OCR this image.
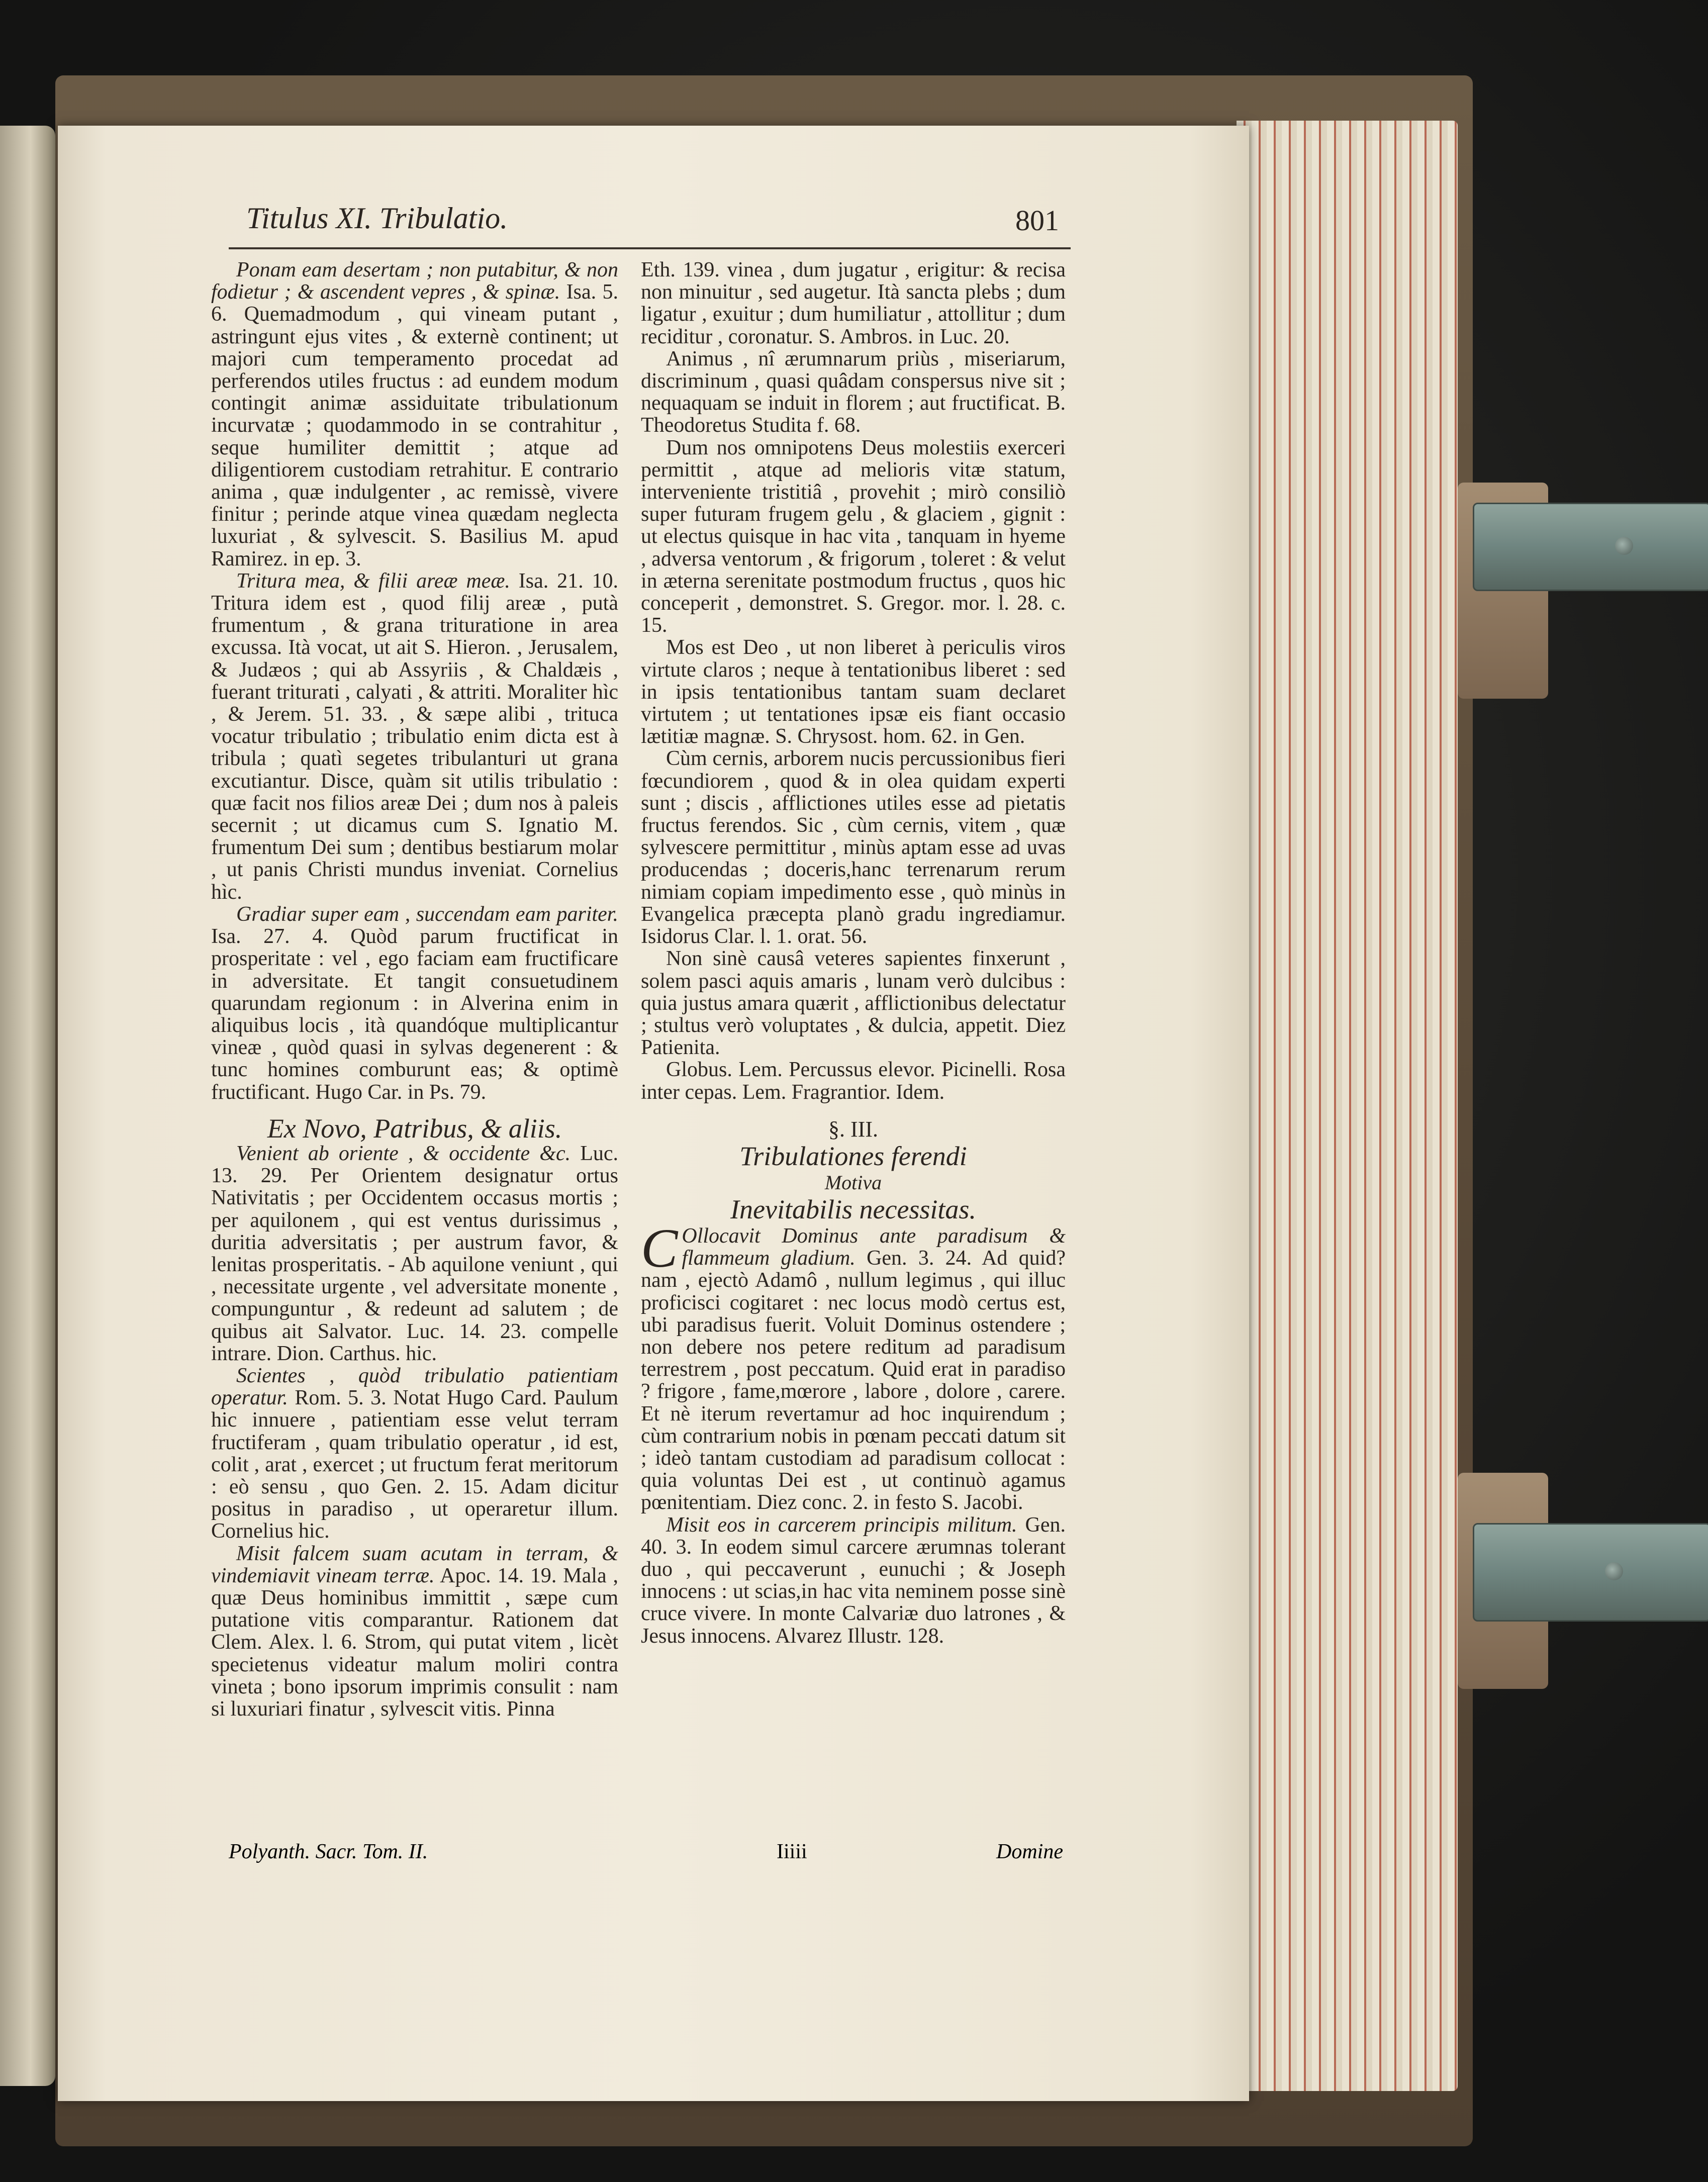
Titulus XI. Tribulatio.	801

Ponam eam desertam ; non putabitur, & non fodietur ; & ascendent vepres , & spinæ. Isa. 5. 6. Quemadmodum , qui vineam putant , astringunt ejus vites , & externè continent; ut majori cum temperamento procedat ad perferendos utiles fructus : ad eundem modum contingit animæ assiduitate tribulationum incurvatæ ; quodammodo in se contrahitur , seque humiliter demittit ; atque ad diligentiorem custodiam retrahitur. E contrario anima , quæ indulgenter , ac remissè, vivere finitur ; perinde atque vinea quædam neglecta luxuriat , & sylvescit. S. Basilius M. apud Ramirez. in ep. 3.

Tritura mea, & filii areæ meæ. Isa. 21. 10. Tritura idem est , quod filij areæ , putà frumentum , & grana trituratione in area excussa. Ità vocat, ut ait S. Hieron. , Jerusalem, & Judæos ; qui ab Assyriis , & Chaldæis , fuerant triturati , calyati , & attriti. Moraliter hìc , & Jerem. 51. 33. , & sæpe alibi , trituca vocatur tribulatio ; tribulatio enim dicta est à tribula ; quatì segetes tribulanturi ut grana excutiantur. Disce, quàm sit utilis tribulatio : quæ facit nos filios areæ Dei ; dum nos à paleis secernit ; ut dicamus cum S. Ignatio M. frumentum Dei sum ; dentibus bestiarum molar , ut panis Christi mundus inveniat. Cornelius hìc.

Gradiar super eam , succendam eam pariter. Isa. 27. 4. Quòd parum fructificat in prosperitate : vel , ego faciam eam fructificare in adversitate. Et tangit consuetudinem quarundam regionum : in Alverina enim in aliquibus locis , ità quandóque multiplicantur vineæ , quòd quasi in sylvas degenerent : & tunc homines comburunt eas; & optimè fructificant. Hugo Car. in Ps. 79.

Ex Novo, Patribus, & aliis.

Venient ab oriente , & occidente &c. Luc. 13. 29. Per Orientem designatur ortus Nativitatis ; per Occidentem occasus mortis ; per aquilonem , qui est ventus durissimus , duritia adversitatis ; per austrum favor, & lenitas prosperitatis. - Ab aquilone veniunt , qui , necessitate urgente , vel adversitate monente , compunguntur , & redeunt ad salutem ; de quibus ait Salvator. Luc. 14. 23. compelle intrare. Dion. Carthus. hic.

Scientes , quòd tribulatio patientiam operatur. Rom. 5. 3. Notat Hugo Card. Paulum hic innuere , patientiam esse velut terram fructiferam , quam tribulatio operatur , id est, colit , arat , exercet ; ut fructum ferat meritorum : eò sensu , quo Gen. 2. 15. Adam dicitur positus in paradiso , ut operaretur illum. Cornelius hic.

Misit falcem suam acutam in terram, & vindemiavit vineam terræ. Apoc. 14. 19. Mala , quæ Deus hominibus immittit , sæpe cum putatione vitis comparantur. Rationem dat Clem. Alex. l. 6. Strom, qui putat vitem , licèt specietenus videatur malum moliri contra vineta ; bono ipsorum imprimis consulit : nam si luxuriari finatur , sylvescit vitis. Pinna

Eth. 139. vinea , dum jugatur , erigitur: & recisa non minuitur , sed augetur. Ità sancta plebs ; dum ligatur , exuitur ; dum humiliatur , attollitur ; dum reciditur , coronatur. S. Ambros. in Luc. 20.

Animus , nî ærumnarum priùs , miseriarum, discriminum , quasi quâdam conspersus nive sit ; nequaquam se induit in florem ; aut fructificat. B. Theodoretus Studita f. 68.

Dum nos omnipotens Deus molestiis exerceri permittit , atque ad melioris vitæ statum, interveniente tristitiâ , provehit ; mirò consiliò super futuram frugem gelu , & glaciem , gignit : ut electus quisque in hac vita , tanquam in hyeme , adversa ventorum , & frigorum , toleret : & velut in æterna serenitate postmodum fructus , quos hic conceperit , demonstret. S. Gregor. mor. l. 28. c. 15.

Mos est Deo , ut non liberet à periculis viros virtute claros ; neque à tentationibus liberet : sed in ipsis tentationibus tantam suam declaret virtutem ; ut tentationes ipsæ eis fiant occasio lætitiæ magnæ. S. Chrysost. hom. 62. in Gen.

Cùm cernis, arborem nucis percussionibus fieri fœcundiorem , quod & in olea quidam experti sunt ; discis , afflictiones utiles esse ad pietatis fructus ferendos. Sic , cùm cernis, vitem , quæ sylvescere permittitur , minùs aptam esse ad uvas producendas ; doceris,hanc terrenarum rerum nimiam copiam impedimento esse , quò minùs in Evangelica præcepta planò gradu ingrediamur. Isidorus Clar. l. 1. orat. 56.

Non sinè causâ veteres sapientes finxerunt , solem pasci aquis amaris , lunam verò dulcibus : quia justus amara quærit , afflictionibus delectatur ; stultus verò voluptates , & dulcia, appetit. Diez Patienita.

Globus. Lem. Percussus elevor. Picinelli. Rosa inter cepas. Lem. Fragrantior. Idem.

§. III.

Tribulationes ferendi

Motiva

Inevitabilis necessitas.

C Ollocavit Dominus ante paradisum & flammeum gladium. Gen. 3. 24. Ad quid? nam , ejectò Adamô , nullum legimus , qui illuc proficisci cogitaret : nec locus modò certus est, ubi paradisus fuerit. Voluit Dominus ostendere ; non debere nos petere reditum ad paradisum terrestrem , post peccatum. Quid erat in paradiso ? frigore , fame,mœrore , labore , dolore , carere. Et nè iterum revertamur ad hoc inquirendum ; cùm contrarium nobis in pœnam peccati datum sit ; ideò tantam custodiam ad paradisum collocat : quia voluntas Dei est , ut continuò agamus pœnitentiam. Diez conc. 2. in festo S. Jacobi.

Misit eos in carcerem principis militum. Gen. 40. 3. In eodem simul carcere ærumnas tolerant duo , qui peccaverunt , eunuchi ; & Joseph innocens : ut scias,in hac vita neminem posse sinè cruce vivere. In monte Calvariæ duo latrones , & Jesus innocens. Alvarez Illustr. 128.

Polyanth. Sacr. Tom. II.	Iiiii	Domine
